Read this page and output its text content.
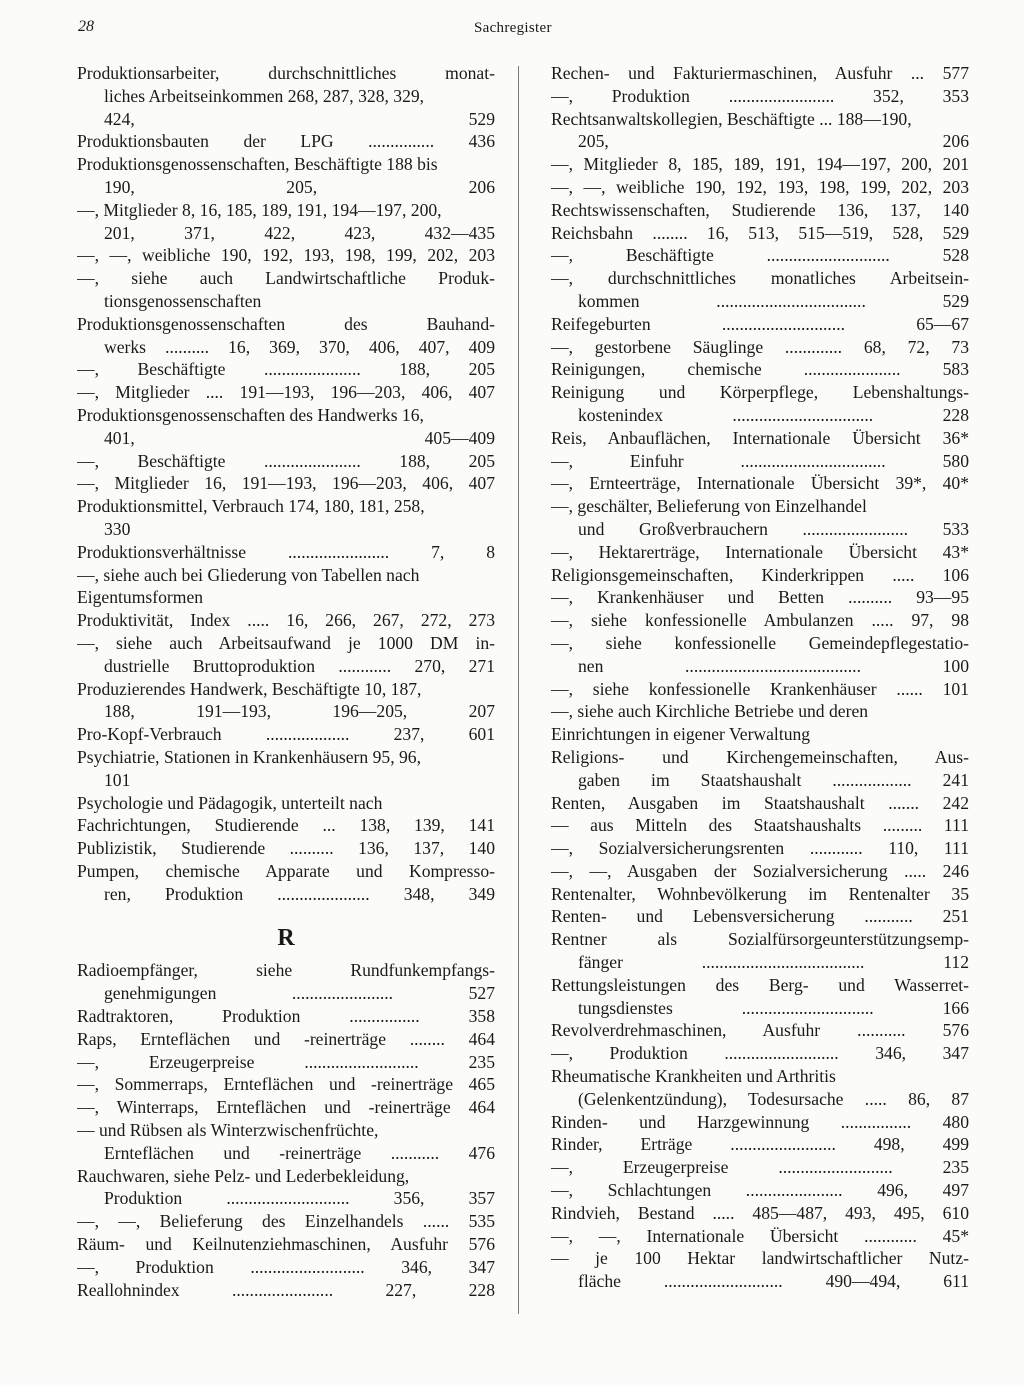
28	Sachregister
Produktionsarbeiter, durchschnittliches monat-
liches Arbeitseinkommen 268, 287, 328, 329,
424, 529
Produktionsbauten der LPG ............... 436
Produktionsgenossenschaften, Beschäftigte 188 bis
190, 205, 206
—, Mitglieder 8, 16, 185, 189, 191, 194—197, 200,
201, 371, 422, 423, 432—435
—, —, weibliche 190, 192, 193, 198, 199, 202, 203
—, siehe auch Landwirtschaftliche Produk-
tionsgenossenschaften
Produktionsgenossenschaften des Bauhand-
werks .......... 16, 369, 370, 406, 407, 409
—, Beschäftigte ...................... 188, 205
—, Mitglieder .... 191—193, 196—203, 406, 407
Produktionsgenossenschaften des Handwerks 16,
401, 405—409
—, Beschäftigte ...................... 188, 205
—, Mitglieder 16, 191—193, 196—203, 406, 407
Produktionsmittel, Verbrauch 174, 180, 181, 258,
330
Produktionsverhältnisse ....................... 7, 8
—, siehe auch bei Gliederung von Tabellen nach
Eigentumsformen
Produktivität, Index ..... 16, 266, 267, 272, 273
—, siehe auch Arbeitsaufwand je 1000 DM in-
dustrielle Bruttoproduktion ............ 270, 271
Produzierendes Handwerk, Beschäftigte 10, 187,
188, 191—193, 196—205, 207
Pro-Kopf-Verbrauch ................... 237, 601
Psychiatrie, Stationen in Krankenhäusern 95, 96,
101
Psychologie und Pädagogik, unterteilt nach
Fachrichtungen, Studierende ... 138, 139, 141
Publizistik, Studierende .......... 136, 137, 140
Pumpen, chemische Apparate und Kompresso-
ren, Produktion ..................... 348, 349
R
Radioempfänger, siehe Rundfunkempfangs-
genehmigungen ....................... 527
Radtraktoren, Produktion ................ 358
Raps, Ernteflächen und -reinerträge ........ 464
—, Erzeugerpreise .......................... 235
—, Sommerraps, Ernteflächen und -reinerträge 465
—, Winterraps, Ernteflächen und -reinerträge 464
— und Rübsen als Winterzwischenfrüchte,
Ernteflächen und -reinerträge ........... 476
Rauchwaren, siehe Pelz- und Lederbekleidung,
Produktion ............................ 356, 357
—, —, Belieferung des Einzelhandels ...... 535
Räum- und Keilnutenziehmaschinen, Ausfuhr 576
—, Produktion .......................... 346, 347
Reallohnindex ....................... 227, 228
Rechen- und Fakturiermaschinen, Ausfuhr ... 577
—, Produktion ........................ 352, 353
Rechtsanwaltskollegien, Beschäftigte ... 188—190,
205, 206
—, Mitglieder 8, 185, 189, 191, 194—197, 200, 201
—, —, weibliche 190, 192, 193, 198, 199, 202, 203
Rechtswissenschaften, Studierende 136, 137, 140
Reichsbahn ........ 16, 513, 515—519, 528, 529
—, Beschäftigte ............................ 528
—, durchschnittliches monatliches Arbeitsein-
kommen .................................. 529
Reifegeburten ............................ 65—67
—, gestorbene Säuglinge ............. 68, 72, 73
Reinigungen, chemische ...................... 583
Reinigung und Körperpflege, Lebenshaltungs-
kostenindex ................................ 228
Reis, Anbauflächen, Internationale Übersicht 36*
—, Einfuhr ................................. 580
—, Ernteerträge, Internationale Übersicht 39*, 40*
—, geschälter, Belieferung von Einzelhandel
und Großverbrauchern ........................ 533
—, Hektarerträge, Internationale Übersicht 43*
Religionsgemeinschaften, Kinderkrippen ..... 106
—, Krankenhäuser und Betten .......... 93—95
—, siehe konfessionelle Ambulanzen ..... 97, 98
—, siehe konfessionelle Gemeindepflegestatio-
nen ........................................ 100
—, siehe konfessionelle Krankenhäuser ...... 101
—, siehe auch Kirchliche Betriebe und deren
Einrichtungen in eigener Verwaltung
Religions- und Kirchengemeinschaften, Aus-
gaben im Staatshaushalt .................. 241
Renten, Ausgaben im Staatshaushalt ....... 242
— aus Mitteln des Staatshaushalts ......... 111
—, Sozialversicherungsrenten ............ 110, 111
—, —, Ausgaben der Sozialversicherung ..... 246
Rentenalter, Wohnbevölkerung im Rentenalter 35
Renten- und Lebensversicherung ........... 251
Rentner als Sozialfürsorgeunterstützungsemp-
fänger ..................................... 112
Rettungsleistungen des Berg- und Wasserret-
tungsdienstes .............................. 166
Revolverdrehmaschinen, Ausfuhr ........... 576
—, Produktion .......................... 346, 347
Rheumatische Krankheiten und Arthritis
(Gelenkentzündung), Todesursache ..... 86, 87
Rinden- und Harzgewinnung ................ 480
Rinder, Erträge ........................ 498, 499
—, Erzeugerpreise .......................... 235
—, Schlachtungen ...................... 496, 497
Rindvieh, Bestand ..... 485—487, 493, 495, 610
—, —, Internationale Übersicht ............ 45*
— je 100 Hektar landwirtschaftlicher Nutz-
fläche ........................... 490—494, 611
